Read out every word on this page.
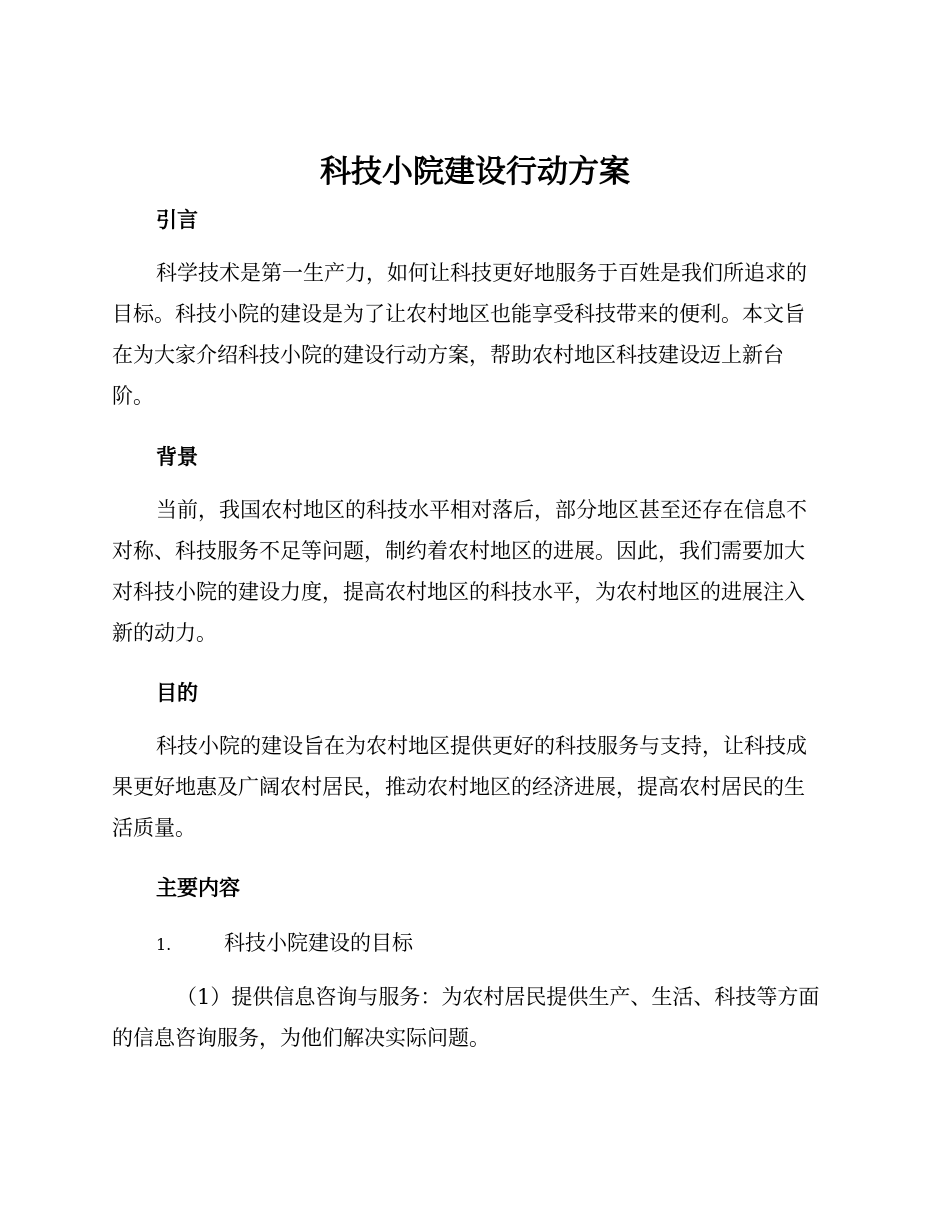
科技小院建设行动方案
引言
科学技术是第一生产力，如何让科技更好地服务于百姓是我们所追求的
目标。科技小院的建设是为了让农村地区也能享受科技带来的便利。本文旨
在为大家介绍科技小院的建设行动方案，帮助农村地区科技建设迈上新台
阶。
背景
当前，我国农村地区的科技水平相对落后，部分地区甚至还存在信息不
对称、科技服务不足等问题，制约着农村地区的进展。因此，我们需要加大
对科技小院的建设力度，提高农村地区的科技水平，为农村地区的进展注入
新的动力。
目的
科技小院的建设旨在为农村地区提供更好的科技服务与支持，让科技成
果更好地惠及广阔农村居民，推动农村地区的经济进展，提高农村居民的生
活质量。
主要内容
1.	科技小院建设的目标
（1）提供信息咨询与服务：为农村居民提供生产、生活、科技等方面
的信息咨询服务，为他们解决实际问题。
